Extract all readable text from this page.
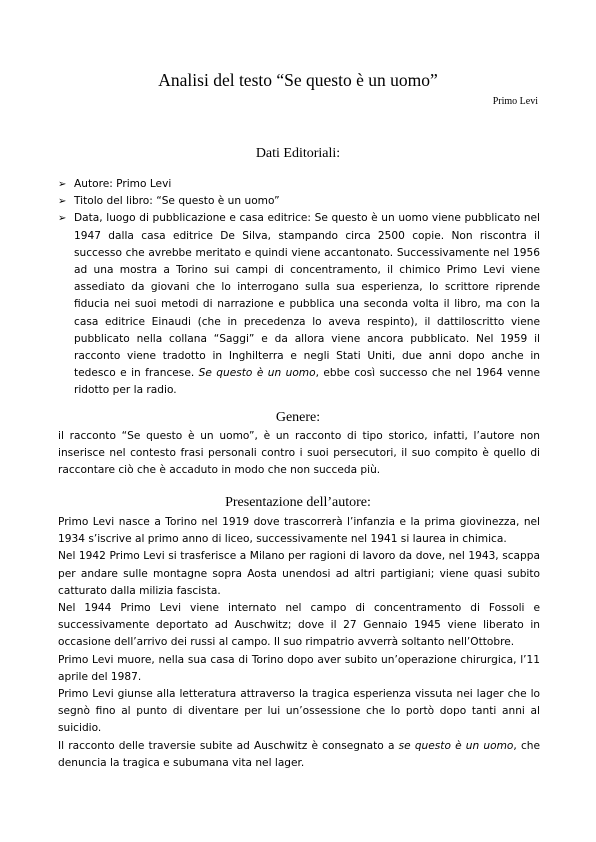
Analisi del testo “Se questo è un uomo”
Primo Levi
Dati Editoriali:
➢ Autore: Primo Levi
➢ Titolo del libro: “Se questo è un uomo”
➢ Data, luogo di pubblicazione e casa editrice: Se questo è un uomo viene pubblicato nel 1947 dalla casa editrice De Silva, stampando circa 2500 copie. Non riscontra il successo che avrebbe meritato e quindi viene accantonato. Successivamente nel 1956 ad una mostra a Torino sui campi di concentramento, il chimico Primo Levi viene assediato da giovani che lo interrogano sulla sua esperienza, lo scrittore riprende fiducia nei suoi metodi di narrazione e pubblica una seconda volta il libro, ma con la casa editrice Einaudi (che in precedenza lo aveva respinto), il dattiloscritto viene pubblicato nella collana “Saggi” e da allora viene ancora pubblicato. Nel 1959 il racconto viene tradotto in Inghilterra e negli Stati Uniti, due anni dopo anche in tedesco e in francese. Se questo è un uomo, ebbe così successo che nel 1964 venne ridotto per la radio.
Genere:

il racconto “Se questo è un uomo”, è un racconto di tipo storico, infatti, l’autore non inserisce nel contesto frasi personali contro i suoi persecutori, il suo compito è quello di raccontare ciò che è accaduto in modo che non succeda più.

Presentazione dell’autore:

Primo Levi nasce a Torino nel 1919 dove trascorrerà l’infanzia e la prima giovinezza, nel 1934 s’iscrive al primo anno di liceo, successivamente nel 1941 si laurea in chimica.

Nel 1942 Primo Levi si trasferisce a Milano per ragioni di lavoro da dove, nel 1943, scappa per andare sulle montagne sopra Aosta unendosi ad altri partigiani; viene quasi subito catturato dalla milizia fascista.

Nel 1944 Primo Levi viene internato nel campo di concentramento di Fossoli e successivamente deportato ad Auschwitz; dove il 27 Gennaio 1945 viene liberato in occasione dell’arrivo dei russi al campo. Il suo rimpatrio avverrà soltanto nell’Ottobre.

Primo Levi muore, nella sua casa di Torino dopo aver subito un’operazione chirurgica, l’11 aprile del 1987.

Primo Levi giunse alla letteratura attraverso la tragica esperienza vissuta nei lager che lo segnò fino al punto di diventare per lui un’ossessione che lo portò dopo tanti anni al suicidio.

Il racconto delle traversie subite ad Auschwitz è consegnato a se questo è un uomo, che denuncia la tragica e subumana vita nel lager.
